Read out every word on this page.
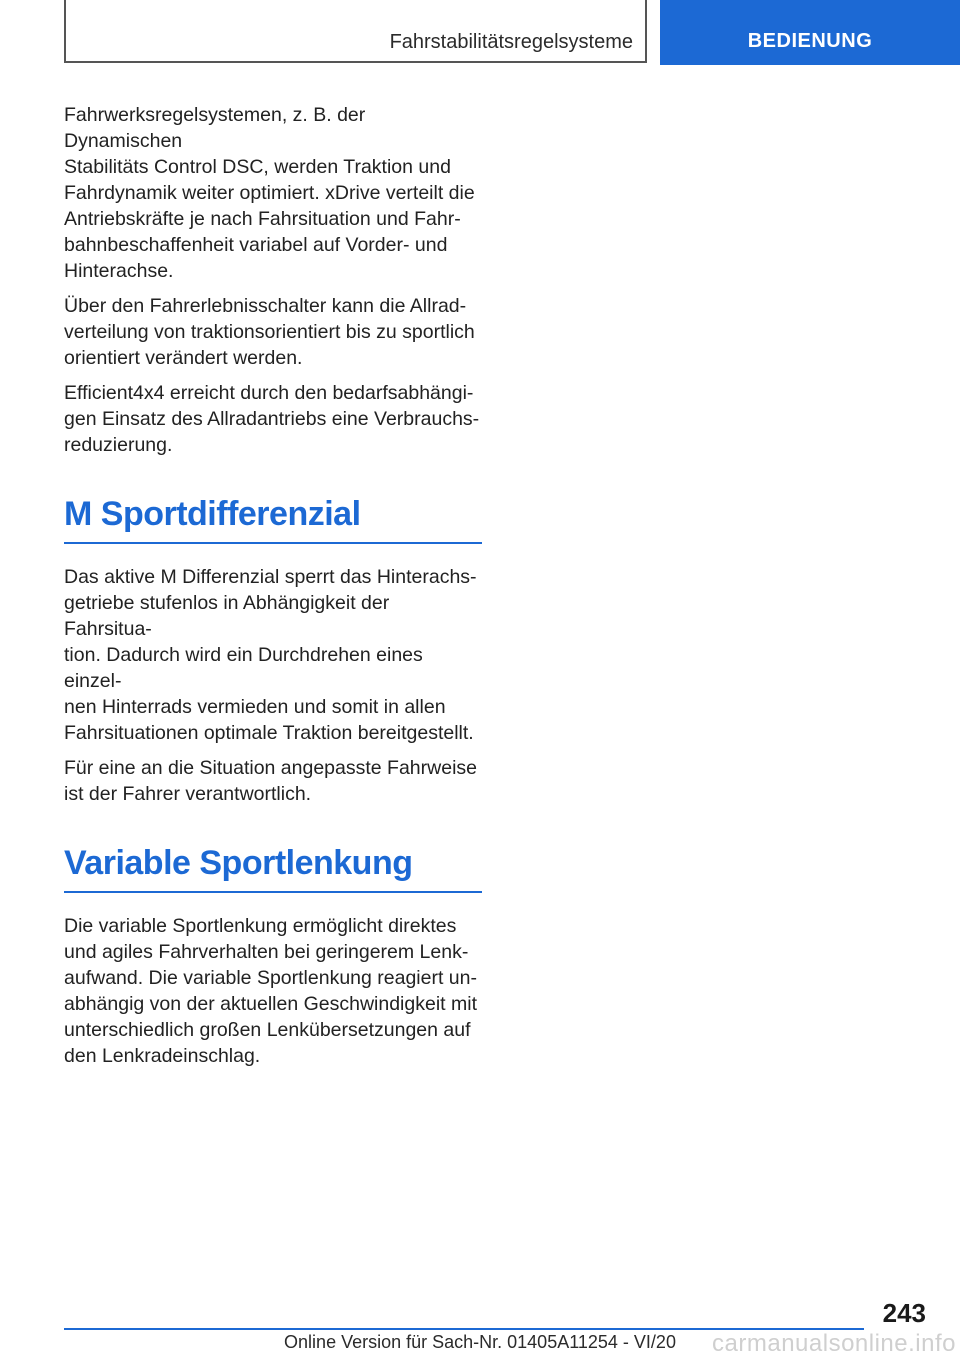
Fahrstabilitätsregelsysteme	BEDIENUNG

Fahrwerksregelsystemen, z. B. der Dynamischen
Stabilitäts Control DSC, werden Traktion und
Fahrdynamik weiter optimiert. xDrive verteilt die
Antriebskräfte je nach Fahrsituation und Fahr-
bahnbeschaffenheit variabel auf Vorder- und
Hinterachse.

Über den Fahrerlebnisschalter kann die Allrad-
verteilung von traktionsorientiert bis zu sportlich
orientiert verändert werden.

Efficient4x4 erreicht durch den bedarfsabhängi-
gen Einsatz des Allradantriebs eine Verbrauchs-
reduzierung.

M Sportdifferenzial

Das aktive M Differenzial sperrt das Hinterachs-
getriebe stufenlos in Abhängigkeit der Fahrsitua-
tion. Dadurch wird ein Durchdrehen eines einzel-
nen Hinterrads vermieden und somit in allen
Fahrsituationen optimale Traktion bereitgestellt.

Für eine an die Situation angepasste Fahrweise
ist der Fahrer verantwortlich.

Variable Sportlenkung

Die variable Sportlenkung ermöglicht direktes
und agiles Fahrverhalten bei geringerem Lenk-
aufwand. Die variable Sportlenkung reagiert un-
abhängig von der aktuellen Geschwindigkeit mit
unterschiedlich großen Lenkübersetzungen auf
den Lenkradeinschlag.

243
Online Version für Sach-Nr. 01405A11254 - VI/20	carmanualsonline.info
